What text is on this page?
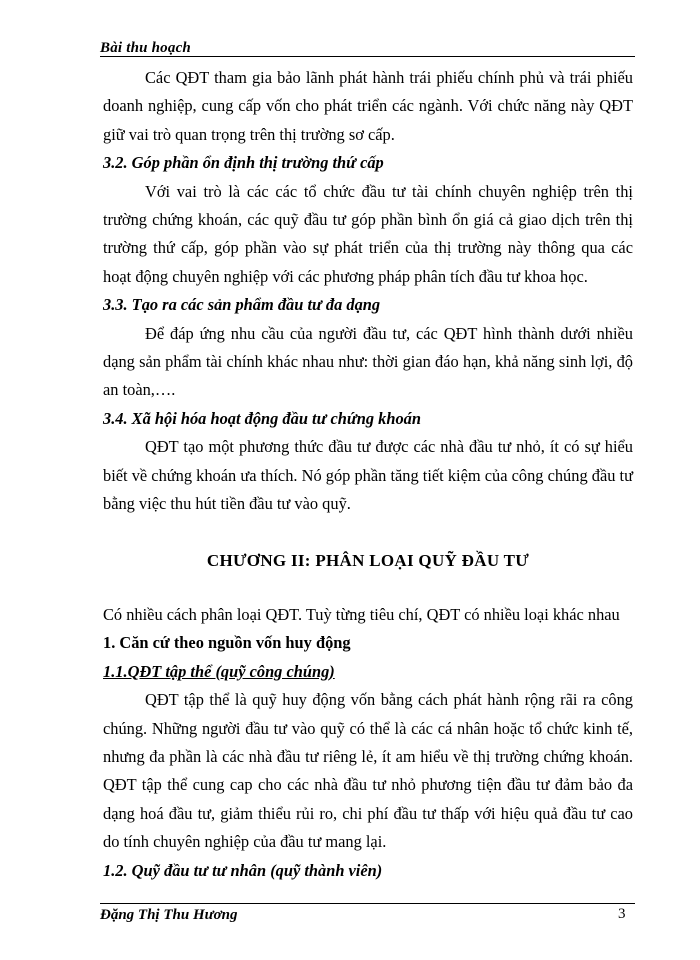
Bài thu hoạch

Các QĐT tham gia bảo lãnh phát hành trái phiếu chính phủ và trái phiếu doanh nghiệp, cung cấp vốn cho phát triển các ngành. Với chức năng này QĐT giữ vai trò quan trọng trên thị trường sơ cấp.

3.2. Góp phần ổn định thị trường thứ cấp

Với vai trò là các các tổ chức đầu tư tài chính chuyên nghiệp trên thị trường chứng khoán, các quỹ đầu tư góp phần bình ổn giá cả giao dịch trên thị trường thứ cấp, góp phần vào sự phát triển của thị trường này thông qua các hoạt động chuyên nghiệp với các phương pháp phân tích đầu tư khoa học.

3.3. Tạo ra các sản phẩm đầu tư đa dạng

Để đáp ứng nhu cầu của người đầu tư, các QĐT hình thành dưới nhiều dạng sản phẩm tài chính khác nhau như: thời gian đáo hạn, khả năng sinh lợi, độ an toàn,….

3.4. Xã hội hóa hoạt động đầu tư chứng khoán

QĐT tạo một phương thức đầu tư được các nhà đầu tư nhỏ, ít có sự hiểu biết về chứng khoán ưa thích. Nó góp phần tăng tiết kiệm của công chúng đầu tư bằng việc thu hút tiền đầu tư vào quỹ.

CHƯƠNG II: PHÂN LOẠI QUỸ ĐẦU TƯ

Có nhiều cách phân loại QĐT. Tuỳ từng tiêu chí, QĐT có nhiều loại khác nhau

1. Căn cứ theo nguồn vốn huy động

1.1.QĐT tập thể (quỹ công chúng)

QĐT tập thể là quỹ huy động vốn bằng cách phát hành rộng rãi ra công chúng. Những người đầu tư vào quỹ có thể là các cá nhân hoặc tổ chức kinh tế, nhưng đa phần là các nhà đầu tư riêng lẻ, ít am hiểu về thị trường chứng khoán. QĐT tập thể cung cap cho các nhà đầu tư nhỏ phương tiện đầu tư đảm bảo đa dạng hoá đầu tư, giảm thiểu rủi ro, chi phí đầu tư thấp với hiệu quả đầu tư cao do tính chuyên nghiệp của đầu tư mang lại.

1.2. Quỹ đầu tư tư nhân (quỹ thành viên)

Đặng Thị Thu Hương	3
